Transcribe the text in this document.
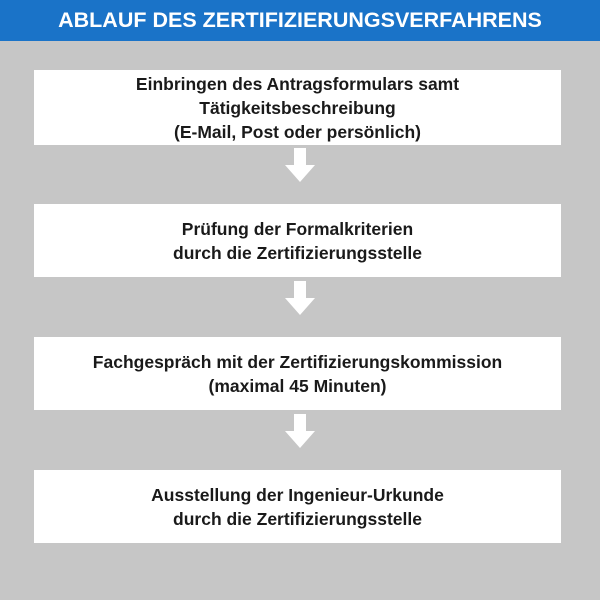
ABLAUF DES ZERTIFIZIERUNGSVERFAHRENS
Einbringen des Antragsformulars samt
Tätigkeitsbeschreibung
(E-Mail, Post oder persönlich)
Prüfung der Formalkriterien
durch die Zertifizierungsstelle
Fachgespräch mit der Zertifizierungskommission
(maximal 45 Minuten)
Ausstellung der Ingenieur-Urkunde
durch die Zertifizierungsstelle
